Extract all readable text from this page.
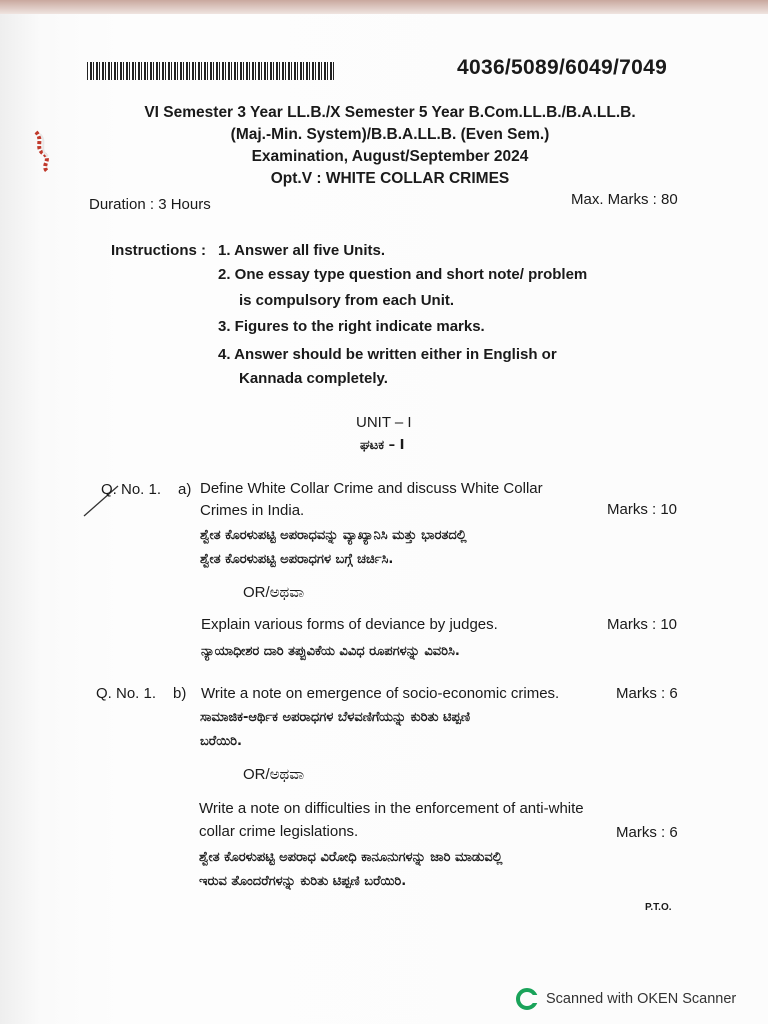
4036/5089/6049/7049
VI Semester 3 Year LL.B./X Semester 5 Year B.Com.LL.B./B.A.LL.B.
(Maj.-Min. System)/B.B.A.LL.B. (Even Sem.)
Examination, August/September 2024
Opt.V : WHITE COLLAR CRIMES
Duration : 3 Hours	Max. Marks : 80
Instructions : 1. Answer all five Units.
2. One essay type question and short note/ problem
is compulsory from each Unit.
3. Figures to the right indicate marks.
4. Answer should be written either in English or
Kannada completely.
UNIT – I
ಘಟಕ – I
Q. No. 1. a) Define White Collar Crime and discuss White Collar
Crimes in India.	Marks : 10
ಶ್ವೇತ ಕೊರಳುಪಟ್ಟಿ ಅಪರಾಧವನ್ನು ವ್ಯಾಖ್ಯಾನಿಸಿ ಮತ್ತು ಭಾರತದಲ್ಲಿ
ಶ್ವೇತ ಕೊರಳುಪಟ್ಟಿ ಅಪರಾಧಗಳ ಬಗ್ಗೆ ಚರ್ಚಿಸಿ.
OR/ಅಥವಾ
Explain various forms of deviance by judges.	Marks : 10
ನ್ಯಾಯಾಧೀಶರ ದಾರಿ ತಪ್ಪುವಿಕೆಯ ವಿವಿಧ ರೂಪಗಳನ್ನು ವಿವರಿಸಿ.
Q. No. 1. b) Write a note on emergence of socio-economic crimes.	Marks : 6
ಸಾಮಾಜಿಕ-ಆರ್ಥಿಕ ಅಪರಾಧಗಳ ಬೆಳವಣಿಗೆಯನ್ನು ಕುರಿತು ಟಿಪ್ಪಣಿ
ಬರೆಯಿರಿ.
OR/ಅಥವಾ
Write a note on difficulties in the enforcement of anti-white
collar crime legislations.	Marks : 6
ಶ್ವೇತ ಕೊರಳುಪಟ್ಟಿ ಅಪರಾಧ ವಿರೋಧಿ ಕಾನೂನುಗಳನ್ನು ಜಾರಿ ಮಾಡುವಲ್ಲಿ
ಇರುವ ತೊಂದರೆಗಳನ್ನು ಕುರಿತು ಟಿಪ್ಪಣಿ ಬರೆಯಿರಿ.
P.T.O.
Scanned with OKEN Scanner
